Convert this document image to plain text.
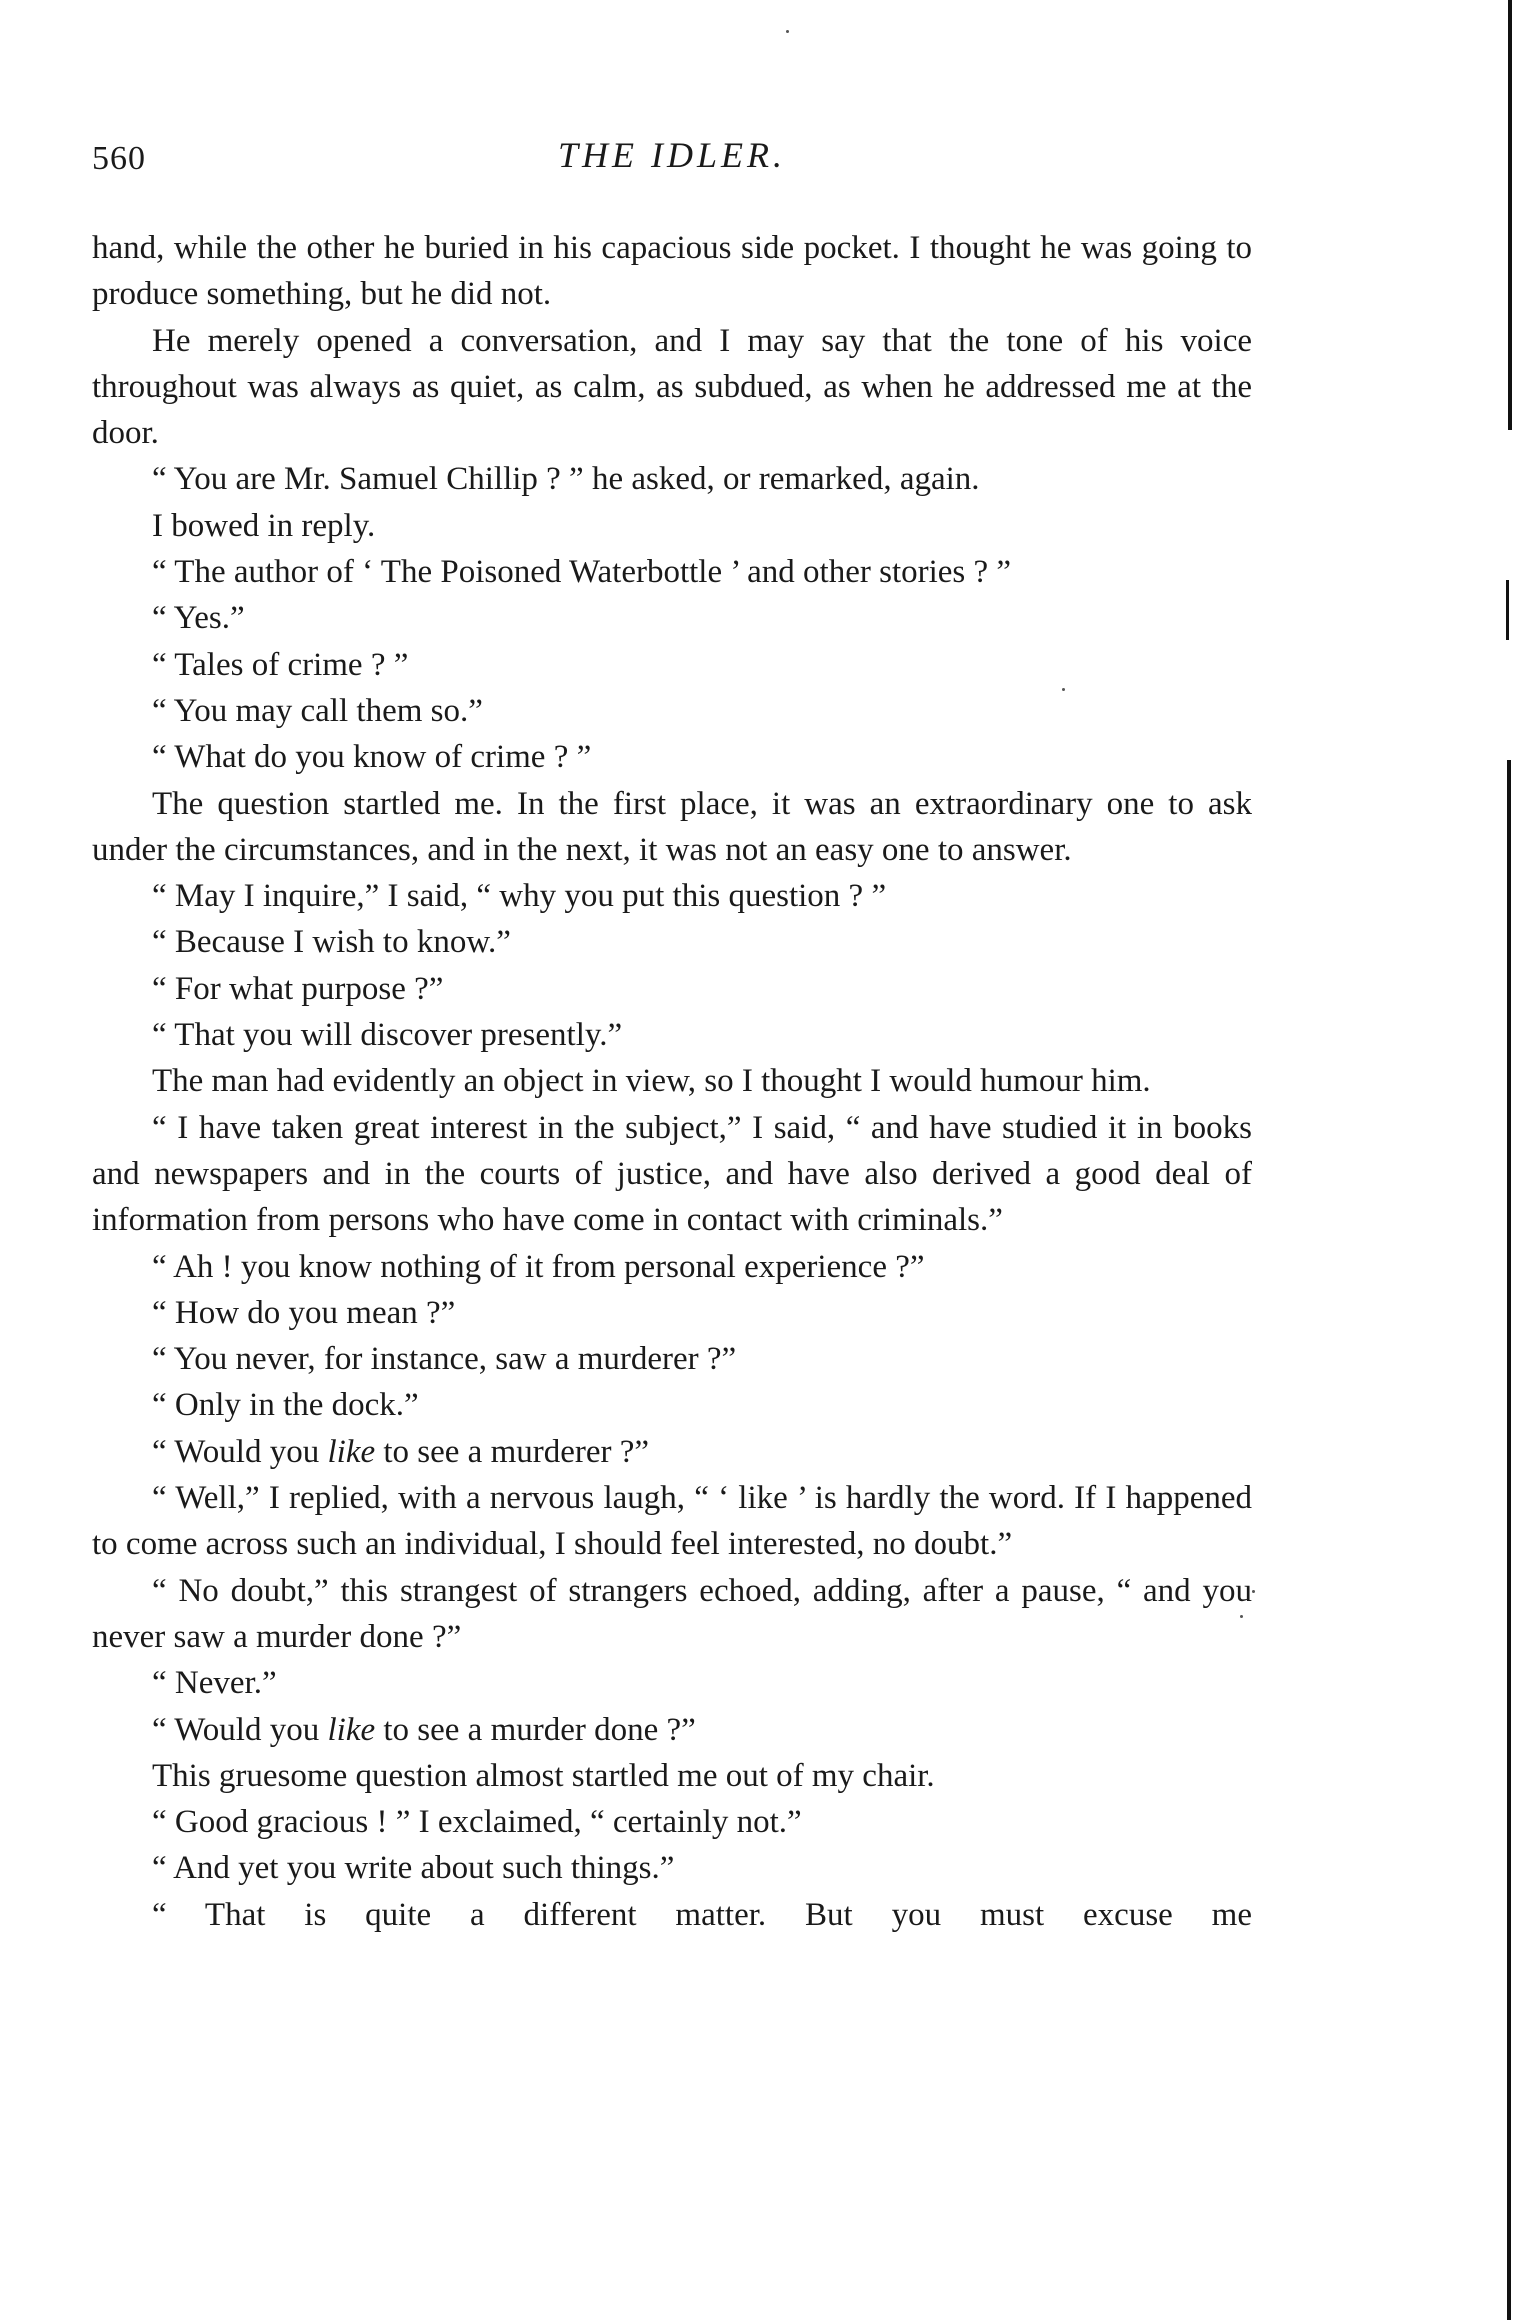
560	THE IDLER.

hand, while the other he buried in his capacious side pocket. I thought he was going to produce something, but he did not.

He merely opened a conversation, and I may say that the tone of his voice throughout was always as quiet, as calm, as subdued, as when he addressed me at the door.

“ You are Mr. Samuel Chillip ? ” he asked, or remarked, again.

I bowed in reply.

“ The author of ‘ The Poisoned Waterbottle ’ and other stories ? ”

“ Yes.”

“ Tales of crime ? ”

“ You may call them so.”

“ What do you know of crime ? ”

The question startled me. In the first place, it was an extraordinary one to ask under the circumstances, and in the next, it was not an easy one to answer.

“ May I inquire,” I said, “ why you put this question ? ”

“ Because I wish to know.”

“ For what purpose ?”

“ That you will discover presently.”

The man had evidently an object in view, so I thought I would humour him.

“ I have taken great interest in the subject,” I said, “ and have studied it in books and newspapers and in the courts of justice, and have also derived a good deal of information from persons who have come in contact with criminals.”

“ Ah ! you know nothing of it from personal experience ?”

“ How do you mean ?”

“ You never, for instance, saw a murderer ?”

“ Only in the dock.”

“ Would you like to see a murderer ?”

“ Well,” I replied, with a nervous laugh, “ ‘ like ’ is hardly the word. If I happened to come across such an individual, I should feel interested, no doubt.”

“ No doubt,” this strangest of strangers echoed, adding, after a pause, “ and you never saw a murder done ?”

“ Never.”

“ Would you like to see a murder done ?”

This gruesome question almost startled me out of my chair.

“ Good gracious ! ” I exclaimed, “ certainly not.”

“ And yet you write about such things.”

“ That is quite a different matter. But you must excuse me
